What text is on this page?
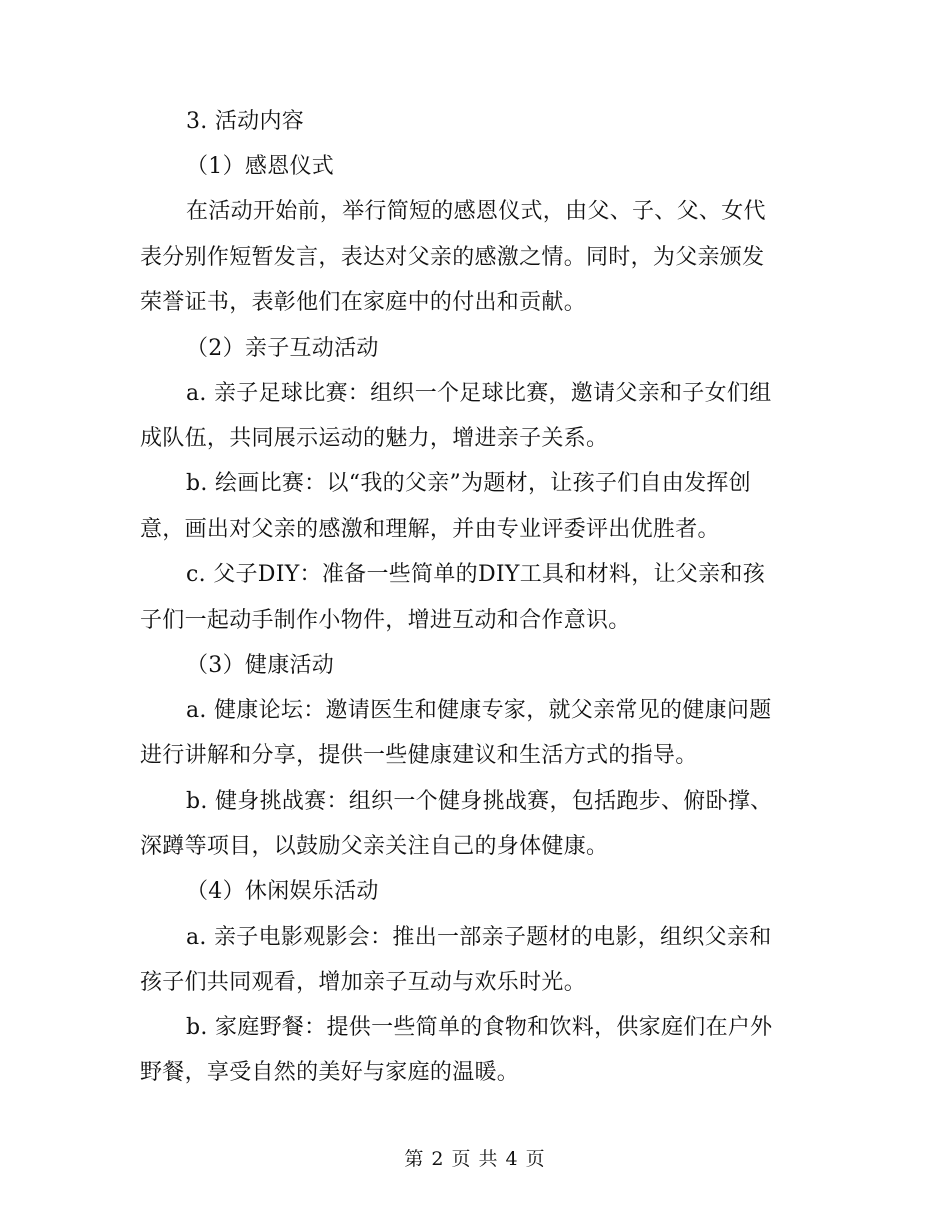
3. 活动内容
（1）感恩仪式
在活动开始前，举行简短的感恩仪式，由父、子、父、女代
表分别作短暂发言，表达对父亲的感激之情。同时，为父亲颁发
荣誉证书，表彰他们在家庭中的付出和贡献。
（2）亲子互动活动
a. 亲子足球比赛：组织一个足球比赛，邀请父亲和子女们组
成队伍，共同展示运动的魅力，增进亲子关系。
b. 绘画比赛：以“我的父亲”为题材，让孩子们自由发挥创
意，画出对父亲的感激和理解，并由专业评委评出优胜者。
c. 父子DIY：准备一些简单的DIY工具和材料，让父亲和孩
子们一起动手制作小物件，增进互动和合作意识。
（3）健康活动
a. 健康论坛：邀请医生和健康专家，就父亲常见的健康问题
进行讲解和分享，提供一些健康建议和生活方式的指导。
b. 健身挑战赛：组织一个健身挑战赛，包括跑步、俯卧撑、
深蹲等项目，以鼓励父亲关注自己的身体健康。
（4）休闲娱乐活动
a. 亲子电影观影会：推出一部亲子题材的电影，组织父亲和
孩子们共同观看，增加亲子互动与欢乐时光。
b. 家庭野餐：提供一些简单的食物和饮料，供家庭们在户外
野餐，享受自然的美好与家庭的温暖。
第 2 页 共 4 页
